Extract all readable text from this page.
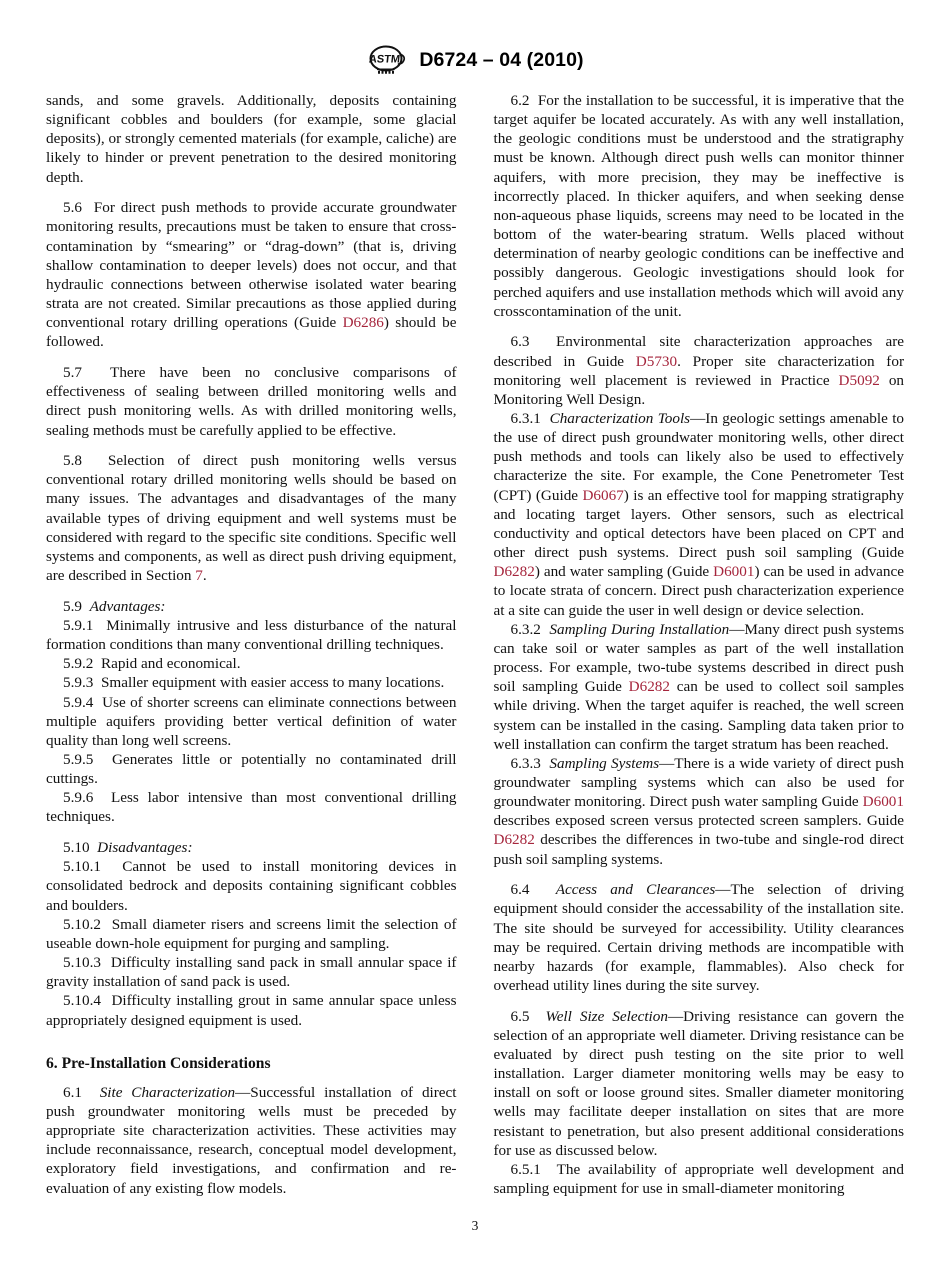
ASTM D6724 – 04 (2010)

sands, and some gravels. Additionally, deposits containing significant cobbles and boulders (for example, some glacial deposits), or strongly cemented materials (for example, caliche) are likely to hinder or prevent penetration to the desired monitoring depth.

5.6 For direct push methods to provide accurate groundwater monitoring results, precautions must be taken to ensure that cross-contamination by “smearing” or “drag-down” (that is, driving shallow contamination to deeper levels) does not occur, and that hydraulic connections between otherwise isolated water bearing strata are not created. Similar precautions as those applied during conventional rotary drilling operations (Guide D6286) should be followed.

5.7 There have been no conclusive comparisons of effectiveness of sealing between drilled monitoring wells and direct push monitoring wells. As with drilled monitoring wells, sealing methods must be carefully applied to be effective.

5.8 Selection of direct push monitoring wells versus conventional rotary drilled monitoring wells should be based on many issues. The advantages and disadvantages of the many available types of driving equipment and well systems must be considered with regard to the specific site conditions. Specific well systems and components, as well as direct push driving equipment, are described in Section 7.

5.9 Advantages:

5.9.1 Minimally intrusive and less disturbance of the natural formation conditions than many conventional drilling techniques.

5.9.2 Rapid and economical.

5.9.3 Smaller equipment with easier access to many locations.

5.9.4 Use of shorter screens can eliminate connections between multiple aquifers providing better vertical definition of water quality than long well screens.

5.9.5 Generates little or potentially no contaminated drill cuttings.

5.9.6 Less labor intensive than most conventional drilling techniques.

5.10 Disadvantages:

5.10.1 Cannot be used to install monitoring devices in consolidated bedrock and deposits containing significant cobbles and boulders.

5.10.2 Small diameter risers and screens limit the selection of useable down-hole equipment for purging and sampling.

5.10.3 Difficulty installing sand pack in small annular space if gravity installation of sand pack is used.

5.10.4 Difficulty installing grout in same annular space unless appropriately designed equipment is used.

6. Pre-Installation Considerations

6.1 Site Characterization—Successful installation of direct push groundwater monitoring wells must be preceded by appropriate site characterization activities. These activities may include reconnaissance, research, conceptual model development, exploratory field investigations, and confirmation and re-evaluation of any existing flow models.

6.2 For the installation to be successful, it is imperative that the target aquifer be located accurately. As with any well installation, the geologic conditions must be understood and the stratigraphy must be known. Although direct push wells can monitor thinner aquifers, with more precision, they may be ineffective is incorrectly placed. In thicker aquifers, and when seeking dense non-aqueous phase liquids, screens may need to be located in the bottom of the water-bearing stratum. Wells placed without determination of nearby geologic conditions can be ineffective and possibly dangerous. Geologic investigations should look for perched aquifers and use installation methods which will avoid any crosscontamination of the unit.

6.3 Environmental site characterization approaches are described in Guide D5730. Proper site characterization for monitoring well placement is reviewed in Practice D5092 on Monitoring Well Design.

6.3.1 Characterization Tools—In geologic settings amenable to the use of direct push groundwater monitoring wells, other direct push methods and tools can likely also be used to effectively characterize the site. For example, the Cone Penetrometer Test (CPT) (Guide D6067) is an effective tool for mapping stratigraphy and locating target layers. Other sensors, such as electrical conductivity and optical detectors have been placed on CPT and other direct push systems. Direct push soil sampling (Guide D6282) and water sampling (Guide D6001) can be used in advance to locate strata of concern. Direct push characterization experience at a site can guide the user in well design or device selection.

6.3.2 Sampling During Installation—Many direct push systems can take soil or water samples as part of the well installation process. For example, two-tube systems described in direct push soil sampling Guide D6282 can be used to collect soil samples while driving. When the target aquifer is reached, the well screen system can be installed in the casing. Sampling data taken prior to well installation can confirm the target stratum has been reached.

6.3.3 Sampling Systems—There is a wide variety of direct push groundwater sampling systems which can also be used for groundwater monitoring. Direct push water sampling Guide D6001 describes exposed screen versus protected screen samplers. Guide D6282 describes the differences in two-tube and single-rod direct push soil sampling systems.

6.4 Access and Clearances—The selection of driving equipment should consider the accessability of the installation site. The site should be surveyed for accessibility. Utility clearances may be required. Certain driving methods are incompatible with nearby hazards (for example, flammables). Also check for overhead utility lines during the site survey.

6.5 Well Size Selection—Driving resistance can govern the selection of an appropriate well diameter. Driving resistance can be evaluated by direct push testing on the site prior to well installation. Larger diameter monitoring wells may be easy to install on soft or loose ground sites. Smaller diameter monitoring wells may facilitate deeper installation on sites that are more resistant to penetration, but also present additional considerations for use as discussed below.

6.5.1 The availability of appropriate well development and sampling equipment for use in small-diameter monitoring

3
